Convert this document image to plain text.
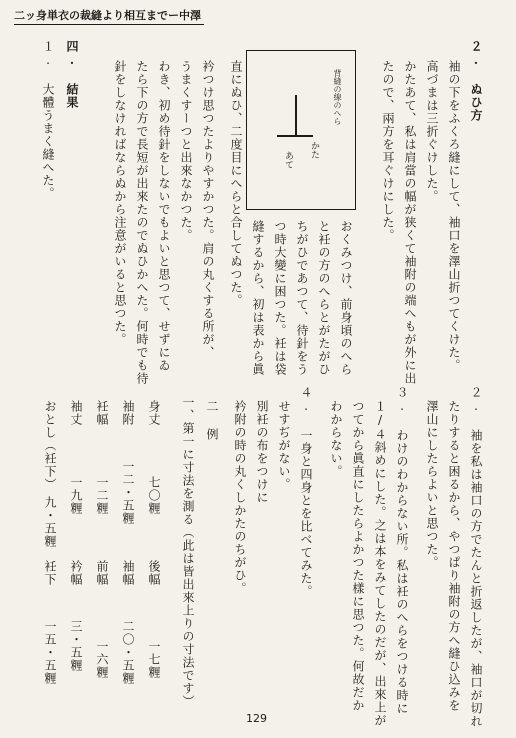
二ッ身単衣の裁縫より相互までー中澤
２. ぬひ方
袖の下をふくろ縫にして、袖口を澤山折つてくけた。
高づまは三折ぐけした。
かたあて、私は肩當の幅が狭くて袖附の端へもが外に出
たので、兩方を耳ぐけにした。
あて
かた
背縫の線のへら
おくみつけ、前身頃のへら
と衽の方のへらとがたがひ
ちがひであつて、待針をう
つ時大變に困つた。衽は袋
縫するから、初は表から眞
直にぬひ、二度目にへらと合してぬつた。
衿つけ思つたよりやすかつた。肩の丸くする所が、
うまくすーつと出來なかつた。
わき、初め待針をしないでもよいと思つて、せずにゐ
たら下の方で長短が出來たのでぬひかへた。何時でも待
針をしなければならぬから注意がいると思つた。
四. 結果
１. 大體うまく縫へた。
２. 袖を私は袖口の方でたんと折返したが、袖口が切れ
たりすると困るから、やつぱり袖附の方へ縫ひ込みを
澤山にしたらよいと思つた。
３. わけのわからない所。私は衽のへらをつける時に
１/４斜めにした。之は本をみてしたのだが、出來上が
つてから眞直にしたらよかつた樣に思つた。何故だか
わからない。
４. 一身と四身とを比べてみた。
せすぢがない。
別衽の布をつけに
衿附の時の丸くしかたのちがひ。
二 例
一、第一に寸法を測る（此は皆出來上りの寸法です）
身丈
七〇糎
後幅
一七糎
袖附
一二・五糎
袖幅
二〇・五糎
衽幅
一二糎
前幅
一六糎
袖丈
一九糎
衿幅
三・五糎
おとし（衽下）
九・五糎
衽下
一五・五糎
129
